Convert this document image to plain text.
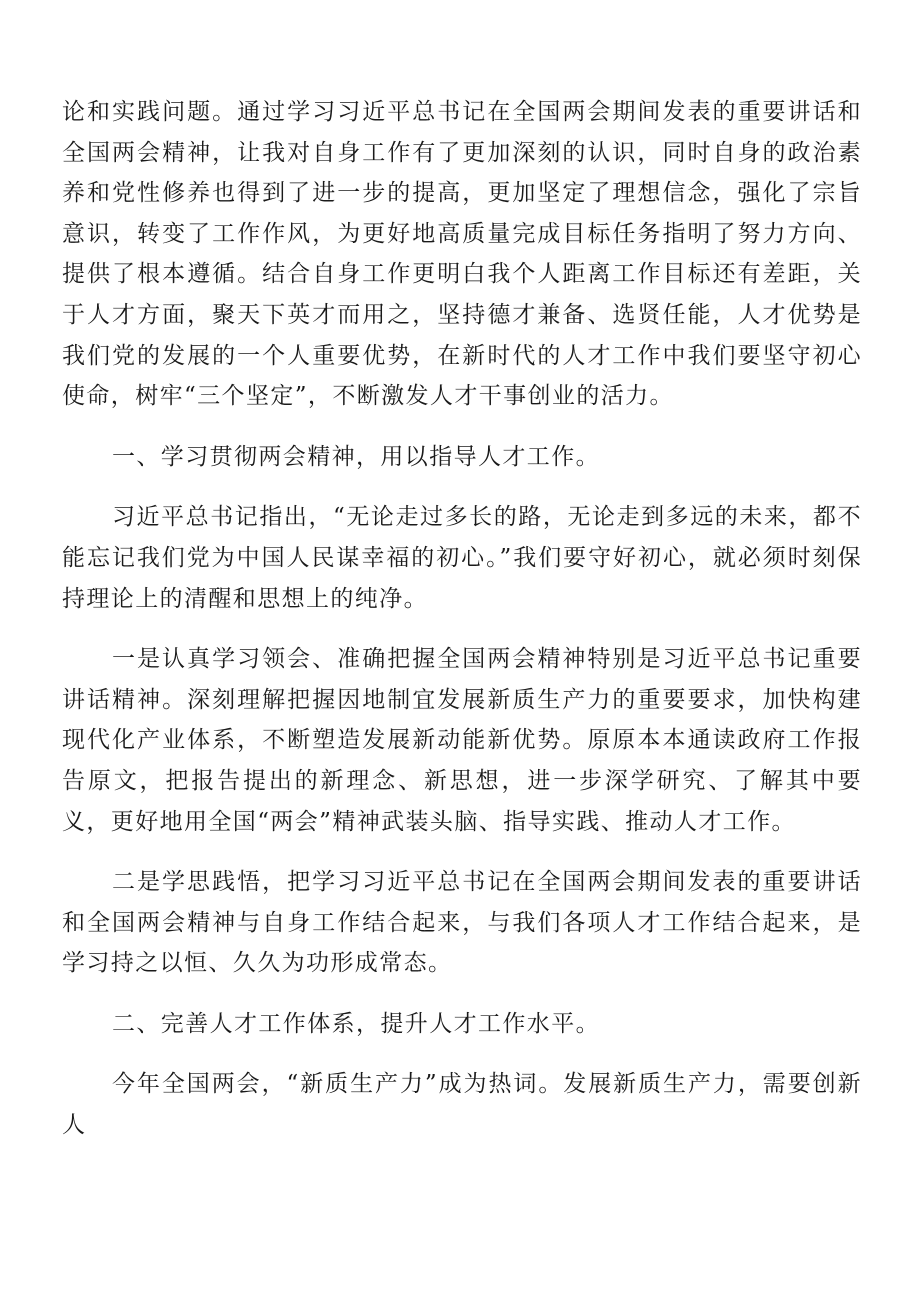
论和实践问题。通过学习习近平总书记在全国两会期间发表的重要讲话和全国两会精神，让我对自身工作有了更加深刻的认识，同时自身的政治素养和党性修养也得到了进一步的提高，更加坚定了理想信念，强化了宗旨意识，转变了工作作风，为更好地高质量完成目标任务指明了努力方向、提供了根本遵循。结合自身工作更明白我个人距离工作目标还有差距，关于人才方面，聚天下英才而用之，坚持德才兼备、选贤任能，人才优势是我们党的发展的一个人重要优势，在新时代的人才工作中我们要坚守初心使命，树牢“三个坚定”，不断激发人才干事创业的活力。

一、学习贯彻两会精神，用以指导人才工作。

习近平总书记指出，“无论走过多长的路，无论走到多远的未来，都不能忘记我们党为中国人民谋幸福的初心。”我们要守好初心，就必须时刻保持理论上的清醒和思想上的纯净。

一是认真学习领会、准确把握全国两会精神特别是习近平总书记重要讲话精神。深刻理解把握因地制宜发展新质生产力的重要要求，加快构建现代化产业体系，不断塑造发展新动能新优势。原原本本通读政府工作报告原文，把报告提出的新理念、新思想，进一步深学研究、了解其中要义，更好地用全国“两会”精神武装头脑、指导实践、推动人才工作。

二是学思践悟，把学习习近平总书记在全国两会期间发表的重要讲话和全国两会精神与自身工作结合起来，与我们各项人才工作结合起来，是学习持之以恒、久久为功形成常态。

二、完善人才工作体系，提升人才工作水平。

今年全国两会，“新质生产力”成为热词。发展新质生产力，需要创新人
